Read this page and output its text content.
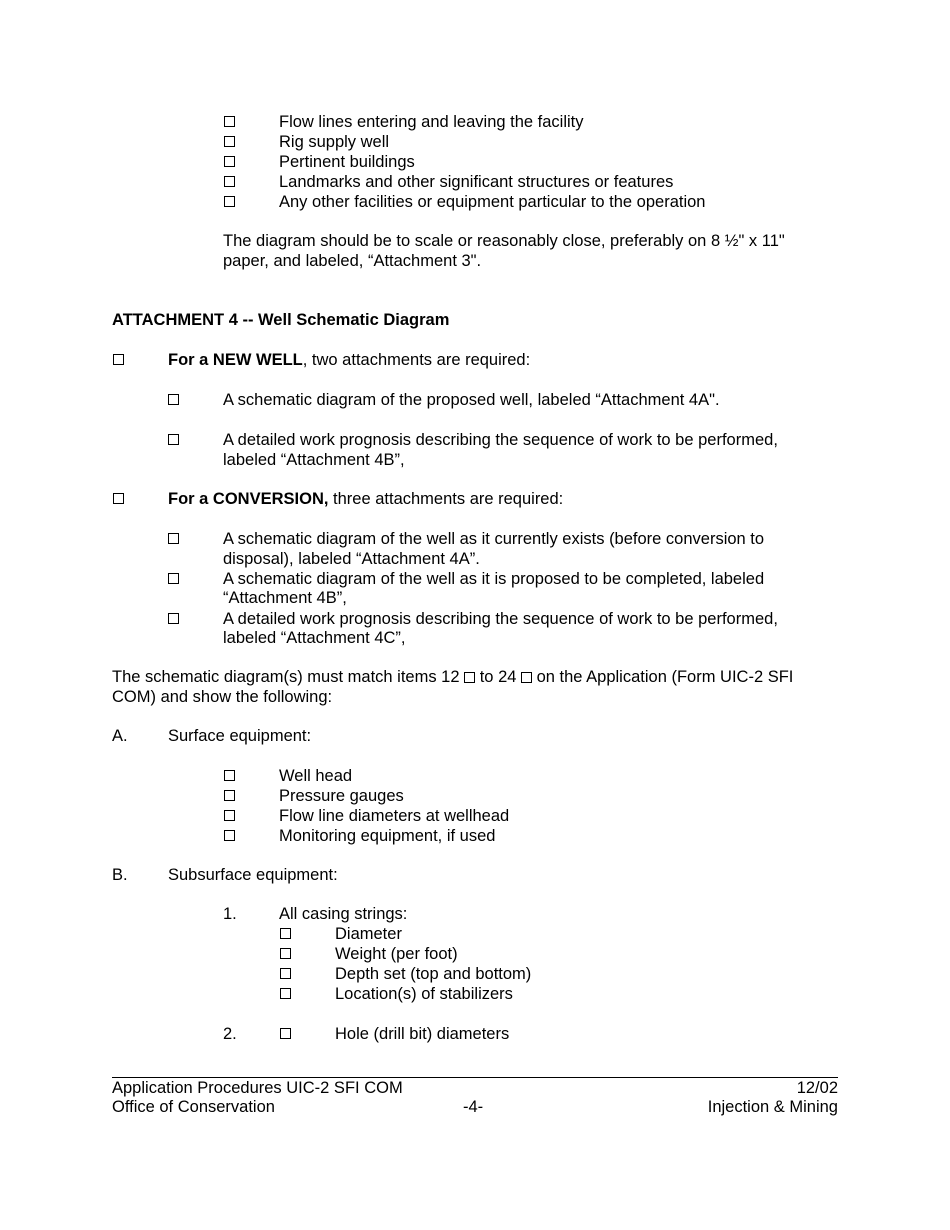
Flow lines entering and leaving the facility
Rig supply well
Pertinent buildings
Landmarks and other significant structures or features
Any other facilities or equipment particular to the operation
The diagram should be to scale or reasonably close, preferably on 8 ½" x 11"
paper, and labeled, “Attachment 3".
ATTACHMENT 4 -- Well Schematic Diagram
For a NEW WELL, two attachments are required:
A schematic diagram of the proposed well, labeled “Attachment 4A".
A detailed work prognosis describing the sequence of work to be performed,
labeled “Attachment 4B”,
For a CONVERSION, three attachments are required:
A schematic diagram of the well as it currently exists (before conversion to
disposal), labeled “Attachment 4A”.
A schematic diagram of the well as it is proposed to be completed, labeled
“Attachment 4B”,
A detailed work prognosis describing the sequence of work to be performed,
labeled “Attachment 4C”,
The schematic diagram(s) must match items 12 to 24 on the Application (Form UIC-2 SFI
COM) and show the following:
A. Surface equipment:
Well head
Pressure gauges
Flow line diameters at wellhead
Monitoring equipment, if used
B. Subsurface equipment:
1.	All casing strings:
Diameter
Weight (per foot)
Depth set (top and bottom)
Location(s) of stabilizers
2.	Hole (drill bit) diameters
Application Procedures UIC-2 SFI COM
Office of Conservation	-4-
12/02
Injection & Mining
